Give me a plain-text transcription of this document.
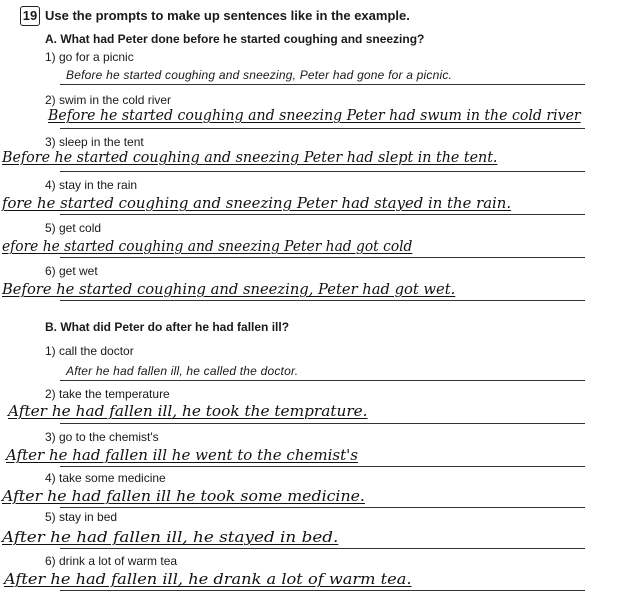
19 Use the prompts to make up sentences like in the example.
A. What had Peter done before he started coughing and sneezing?
1) go for a picnic
Before he started coughing and sneezing, Peter had gone for a picnic.
2) swim in the cold river
Before he started coughing and sneezing Peter had swum in the cold river
3) sleep in the tent
Before he started coughing and sneezing Peter had slept in the tent.
4) stay in the rain
fore he started coughing and sneezing Peter had stayed in the rain.
5) get cold
efore he started coughing and sneezing Peter had got cold
6) get wet
Before he started coughing and sneezing, Peter had got wet.
B. What did Peter do after he had fallen ill?
1) call the doctor
After he had fallen ill, he called the doctor.
2) take the temperature
After he had fallen ill, he took the temprature.
3) go to the chemist's
After he had fallen ill he went to the chemist's
4) take some medicine
After he had fallen ill he took some medicine.
5) stay in bed
After he had fallen ill, he stayed in bed.
6) drink a lot of warm tea
After he had fallen ill, he drank a lot of warm tea.
